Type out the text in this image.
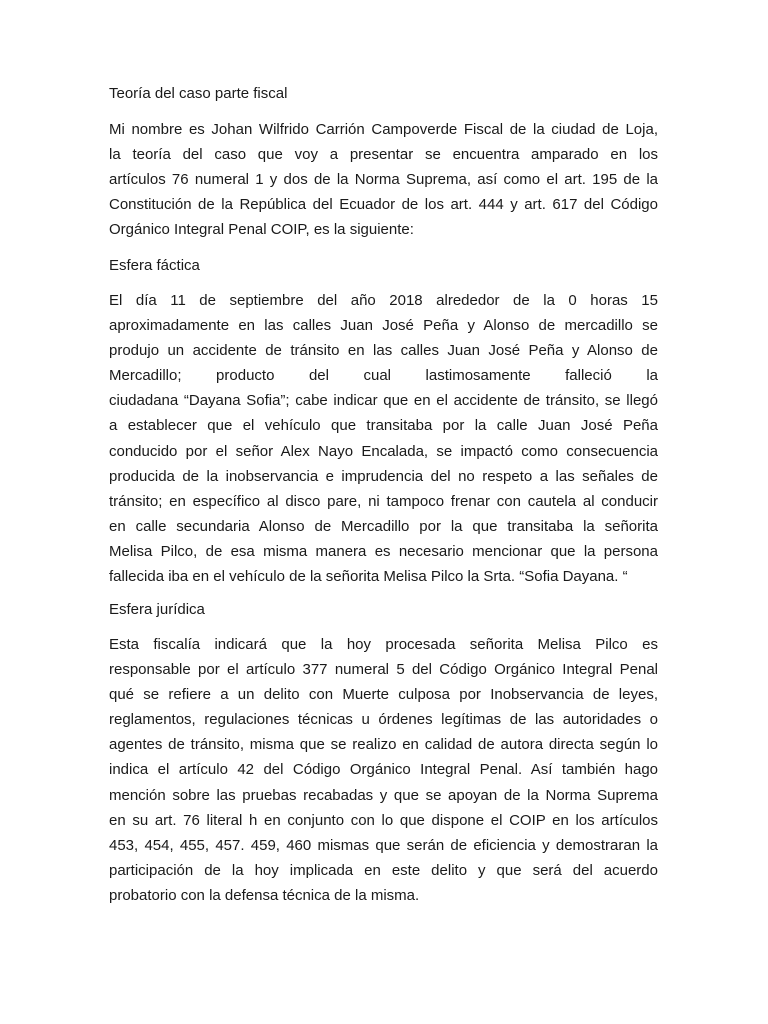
Teoría del caso parte fiscal
Mi nombre es Johan Wilfrido Carrión Campoverde Fiscal de la ciudad de Loja,
la teoría del caso que voy a presentar se encuentra amparado en los
artículos 76 numeral 1 y dos de la Norma Suprema, así como el art. 195 de la
Constitución de la República del Ecuador de los art. 444 y art. 617 del Código
Orgánico Integral Penal COIP, es la siguiente:
Esfera fáctica
El día 11 de septiembre del año 2018 alrededor de la 0 horas 15
aproximadamente en las calles Juan José Peña y Alonso de mercadillo se
produjo un accidente de tránsito en las calles Juan José Peña y Alonso de
Mercadillo; producto del cual lastimosamente falleció la
ciudadana “Dayana Sofia”; cabe indicar que en el accidente de tránsito, se llegó
a establecer que el vehículo que transitaba por la calle Juan José Peña
conducido por el señor Alex Nayo Encalada, se impactó como consecuencia
producida de la inobservancia e imprudencia del no respeto a las señales de
tránsito; en específico al disco pare, ni tampoco frenar con cautela al conducir
en calle secundaria Alonso de Mercadillo por la que transitaba la señorita
Melisa Pilco, de esa misma manera es necesario mencionar que la persona
fallecida iba en el vehículo de la señorita Melisa Pilco la Srta. “Sofia Dayana. “
Esfera jurídica
Esta fiscalía indicará que la hoy procesada señorita Melisa Pilco es
responsable por el artículo 377 numeral 5 del Código Orgánico Integral Penal
qué se refiere a un delito con Muerte culposa por Inobservancia de leyes,
reglamentos, regulaciones técnicas u órdenes legítimas de las autoridades o
agentes de tránsito, misma que se realizo en calidad de autora directa según lo
indica el artículo 42 del Código Orgánico Integral Penal. Así también hago
mención sobre las pruebas recabadas y que se apoyan de la Norma Suprema
en su art. 76 literal h en conjunto con lo que dispone el COIP en los artículos
453, 454, 455, 457. 459, 460 mismas que serán de eficiencia y demostraran la
participación de la hoy implicada en este delito y que será del acuerdo
probatorio con la defensa técnica de la misma.
